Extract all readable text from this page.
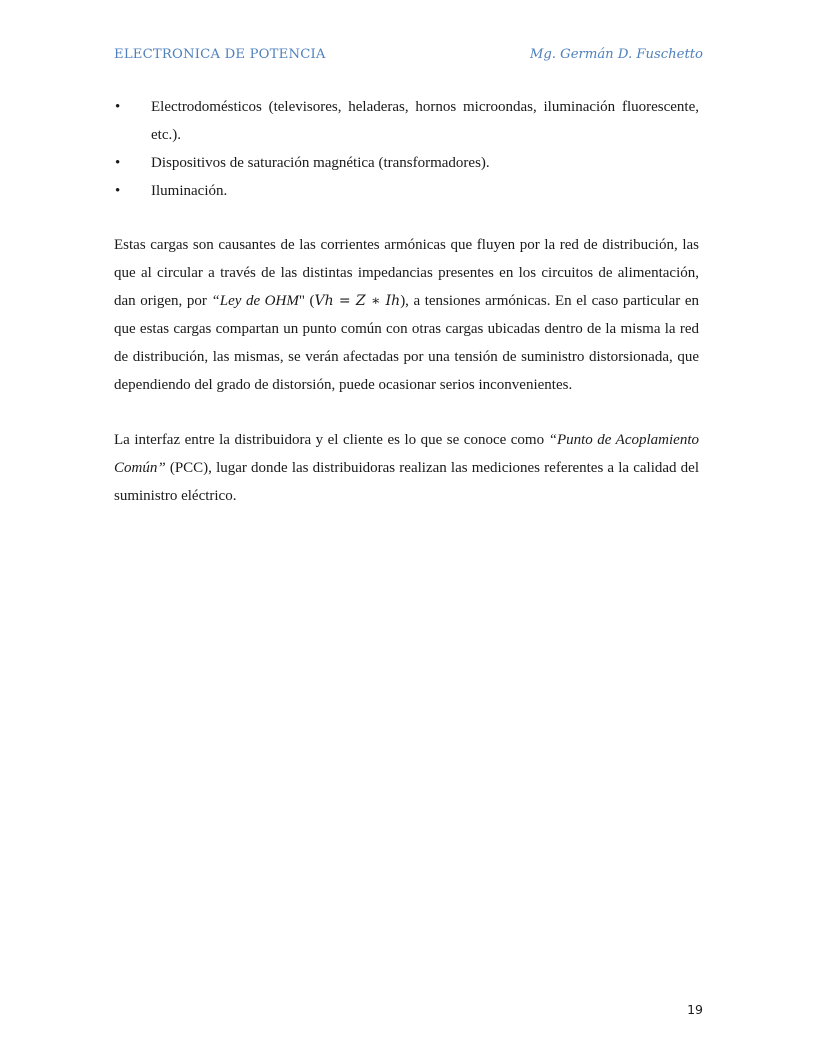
ELECTRONICA DE POTENCIA	Mg. Germán D. Fuschetto
• Electrodomésticos (televisores, heladeras, hornos microondas, iluminación fluorescente, etc.).
• Dispositivos de saturación magnética (transformadores).
• Iluminación.

Estas cargas son causantes de las corrientes armónicas que fluyen por la red de distribución, las que al circular a través de las distintas impedancias presentes en los circuitos de alimentación, dan origen, por “Ley de OHM" (Vh = Z ∗ Ih), a tensiones armónicas. En el caso particular en que estas cargas compartan un punto común con otras cargas ubicadas dentro de la misma la red de distribución, las mismas, se verán afectadas por una tensión de suministro distorsionada, que dependiendo del grado de distorsión, puede ocasionar serios inconvenientes.

La interfaz entre la distribuidora y el cliente es lo que se conoce como “Punto de Acoplamiento Común” (PCC), lugar donde las distribuidoras realizan las mediciones referentes a la calidad del suministro eléctrico.

19
